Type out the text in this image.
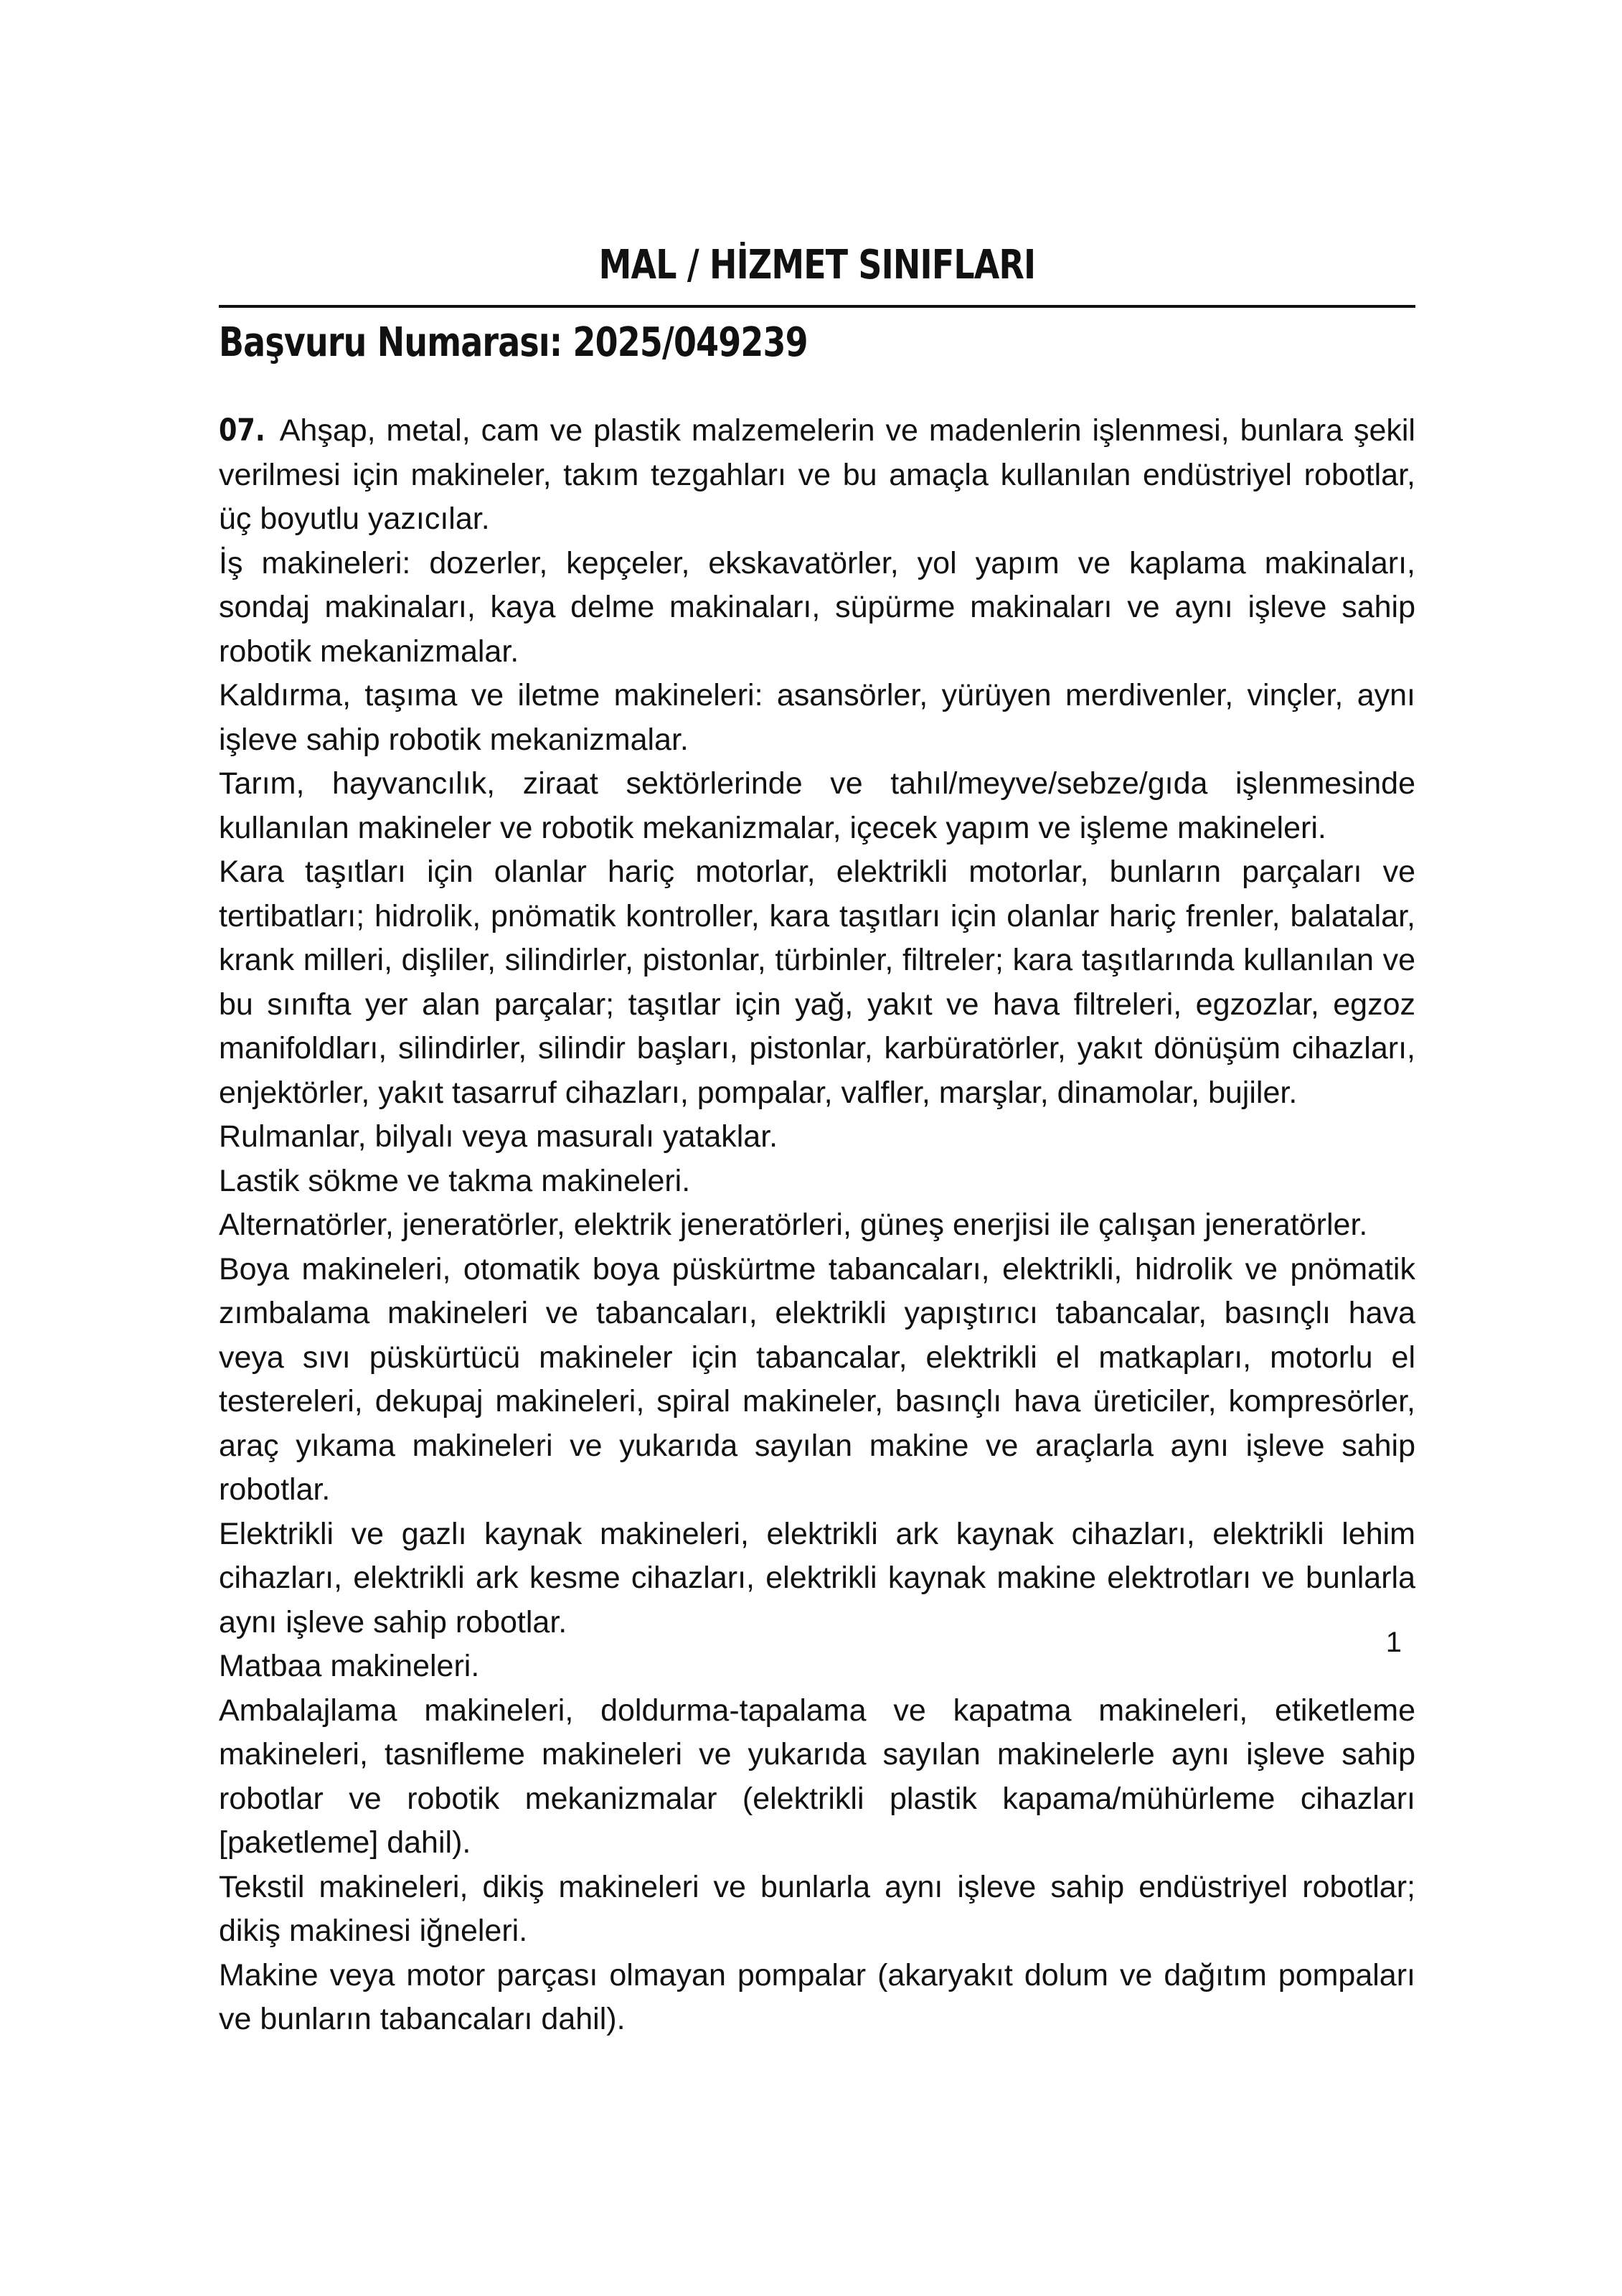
MAL / HİZMET SINIFLARI
Başvuru Numarası: 2025/049239

07. Ahşap, metal, cam ve plastik malzemelerin ve madenlerin işlenmesi, bunlara şekil verilmesi için makineler, takım tezgahları ve bu amaçla kullanılan endüstriyel robotlar, üç boyutlu yazıcılar.

İş makineleri: dozerler, kepçeler, ekskavatörler, yol yapım ve kaplama makinaları, sondaj makinaları, kaya delme makinaları, süpürme makinaları ve aynı işleve sahip robotik mekanizmalar.

Kaldırma, taşıma ve iletme makineleri: asansörler, yürüyen merdivenler, vinçler, aynı işleve sahip robotik mekanizmalar.

Tarım, hayvancılık, ziraat sektörlerinde ve tahıl/meyve/sebze/gıda işlenmesinde kullanılan makineler ve robotik mekanizmalar, içecek yapım ve işleme makineleri.

Kara taşıtları için olanlar hariç motorlar, elektrikli motorlar, bunların parçaları ve tertibatları; hidrolik, pnömatik kontroller, kara taşıtları için olanlar hariç frenler, balatalar, krank milleri, dişliler, silindirler, pistonlar, türbinler, filtreler; kara taşıtlarında kullanılan ve bu sınıfta yer alan parçalar; taşıtlar için yağ, yakıt ve hava filtreleri, egzozlar, egzoz manifoldları, silindirler, silindir başları, pistonlar, karbüratörler, yakıt dönüşüm cihazları, enjektörler, yakıt tasarruf cihazları, pompalar, valfler, marşlar, dinamolar, bujiler.

Rulmanlar, bilyalı veya masuralı yataklar.

Lastik sökme ve takma makineleri.

Alternatörler, jeneratörler, elektrik jeneratörleri, güneş enerjisi ile çalışan jeneratörler.

Boya makineleri, otomatik boya püskürtme tabancaları, elektrikli, hidrolik ve pnömatik zımbalama makineleri ve tabancaları, elektrikli yapıştırıcı tabancalar, basınçlı hava veya sıvı püskürtücü makineler için tabancalar, elektrikli el matkapları, motorlu el testereleri, dekupaj makineleri, spiral makineler, basınçlı hava üreticiler, kompresörler, araç yıkama makineleri ve yukarıda sayılan makine ve araçlarla aynı işleve sahip robotlar.

Elektrikli ve gazlı kaynak makineleri, elektrikli ark kaynak cihazları, elektrikli lehim cihazları, elektrikli ark kesme cihazları, elektrikli kaynak makine elektrotları ve bunlarla aynı işleve sahip robotlar.

Matbaa makineleri.

Ambalajlama makineleri, doldurma-tapalama ve kapatma makineleri, etiketleme makineleri, tasnifleme makineleri ve yukarıda sayılan makinelerle aynı işleve sahip robotlar ve robotik mekanizmalar (elektrikli plastik kapama/mühürleme cihazları [paketleme] dahil).

Tekstil makineleri, dikiş makineleri ve bunlarla aynı işleve sahip endüstriyel robotlar; dikiş makinesi iğneleri.

Makine veya motor parçası olmayan pompalar (akaryakıt dolum ve dağıtım pompaları ve bunların tabancaları dahil).

1
